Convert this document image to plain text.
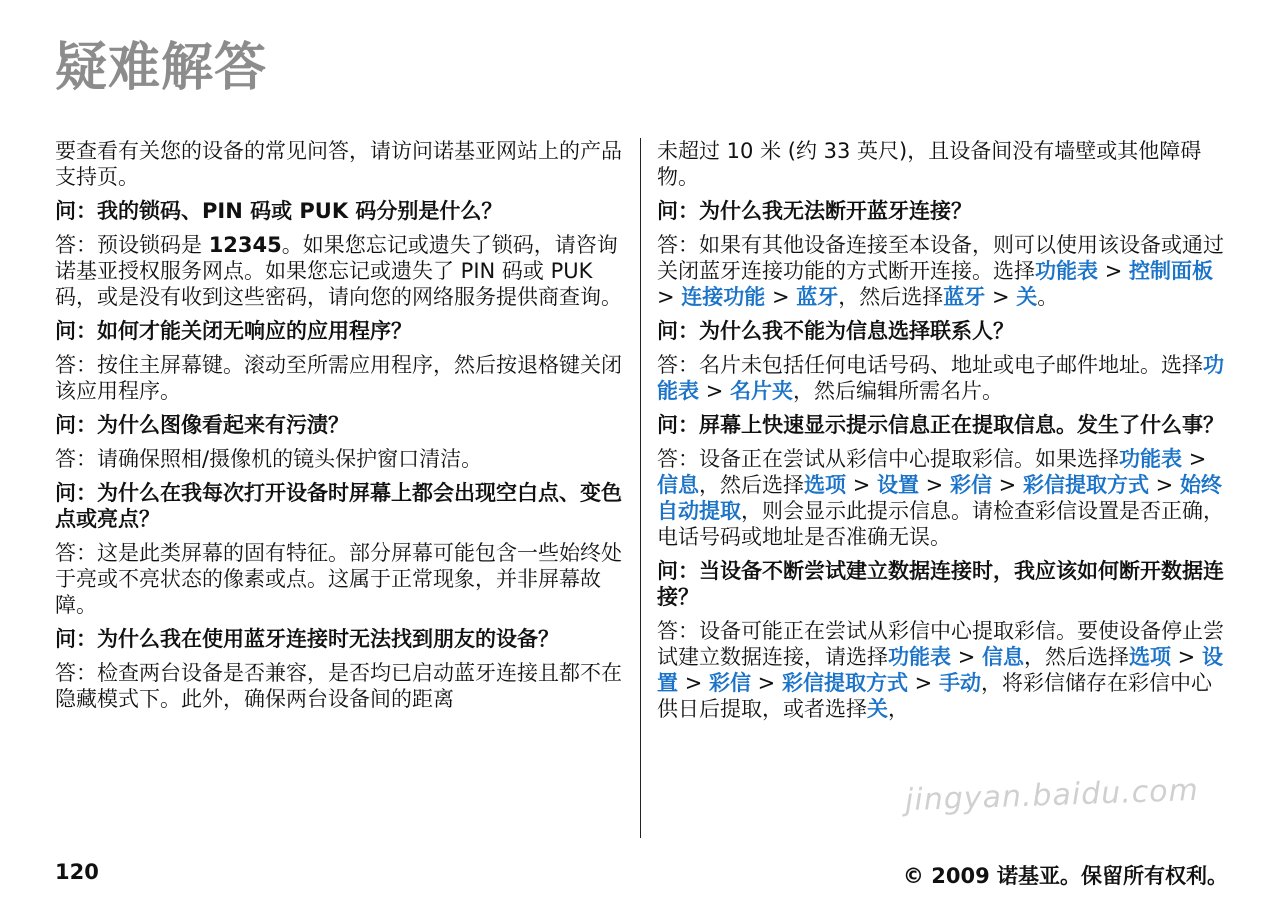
疑难解答

要查看有关您的设备的常见问答，请访问诺基亚网站上的产品支持页。

问：我的锁码、PIN 码或 PUK 码分别是什么？

答：预设锁码是 12345。如果您忘记或遗失了锁码，请咨询诺基亚授权服务网点。如果您忘记或遗失了 PIN 码或 PUK 码，或是没有收到这些密码，请向您的网络服务提供商查询。

问：如何才能关闭无响应的应用程序？

答：按住主屏幕键。滚动至所需应用程序，然后按退格键关闭该应用程序。

问：为什么图像看起来有污渍？

答：请确保照相/摄像机的镜头保护窗口清洁。

问：为什么在我每次打开设备时屏幕上都会出现空白点、变色点或亮点？

答：这是此类屏幕的固有特征。部分屏幕可能包含一些始终处于亮或不亮状态的像素或点。这属于正常现象，并非屏幕故障。

问：为什么我在使用蓝牙连接时无法找到朋友的设备？

答：检查两台设备是否兼容，是否均已启动蓝牙连接且都不在隐藏模式下。此外，确保两台设备间的距离

未超过 10 米 (约 33 英尺)，且设备间没有墙壁或其他障碍物。

问：为什么我无法断开蓝牙连接？

答：如果有其他设备连接至本设备，则可以使用该设备或通过关闭蓝牙连接功能的方式断开连接。选择功能表 > 控制面板 > 连接功能 > 蓝牙，然后选择蓝牙 > 关。

问：为什么我不能为信息选择联系人？

答：名片未包括任何电话号码、地址或电子邮件地址。选择功能表 > 名片夹，然后编辑所需名片。

问：屏幕上快速显示提示信息正在提取信息。发生了什么事？

答：设备正在尝试从彩信中心提取彩信。如果选择功能表 > 信息，然后选择选项 > 设置 > 彩信 > 彩信提取方式 > 始终自动提取，则会显示此提示信息。请检查彩信设置是否正确，电话号码或地址是否准确无误。

问：当设备不断尝试建立数据连接时，我应该如何断开数据连接？

答：设备可能正在尝试从彩信中心提取彩信。要使设备停止尝试建立数据连接，请选择功能表 > 信息，然后选择选项 > 设置 > 彩信 > 彩信提取方式 > 手动，将彩信储存在彩信中心供日后提取，或者选择关，

jingyan.baidu.com
120	© 2009 诺基亚。保留所有权利。
